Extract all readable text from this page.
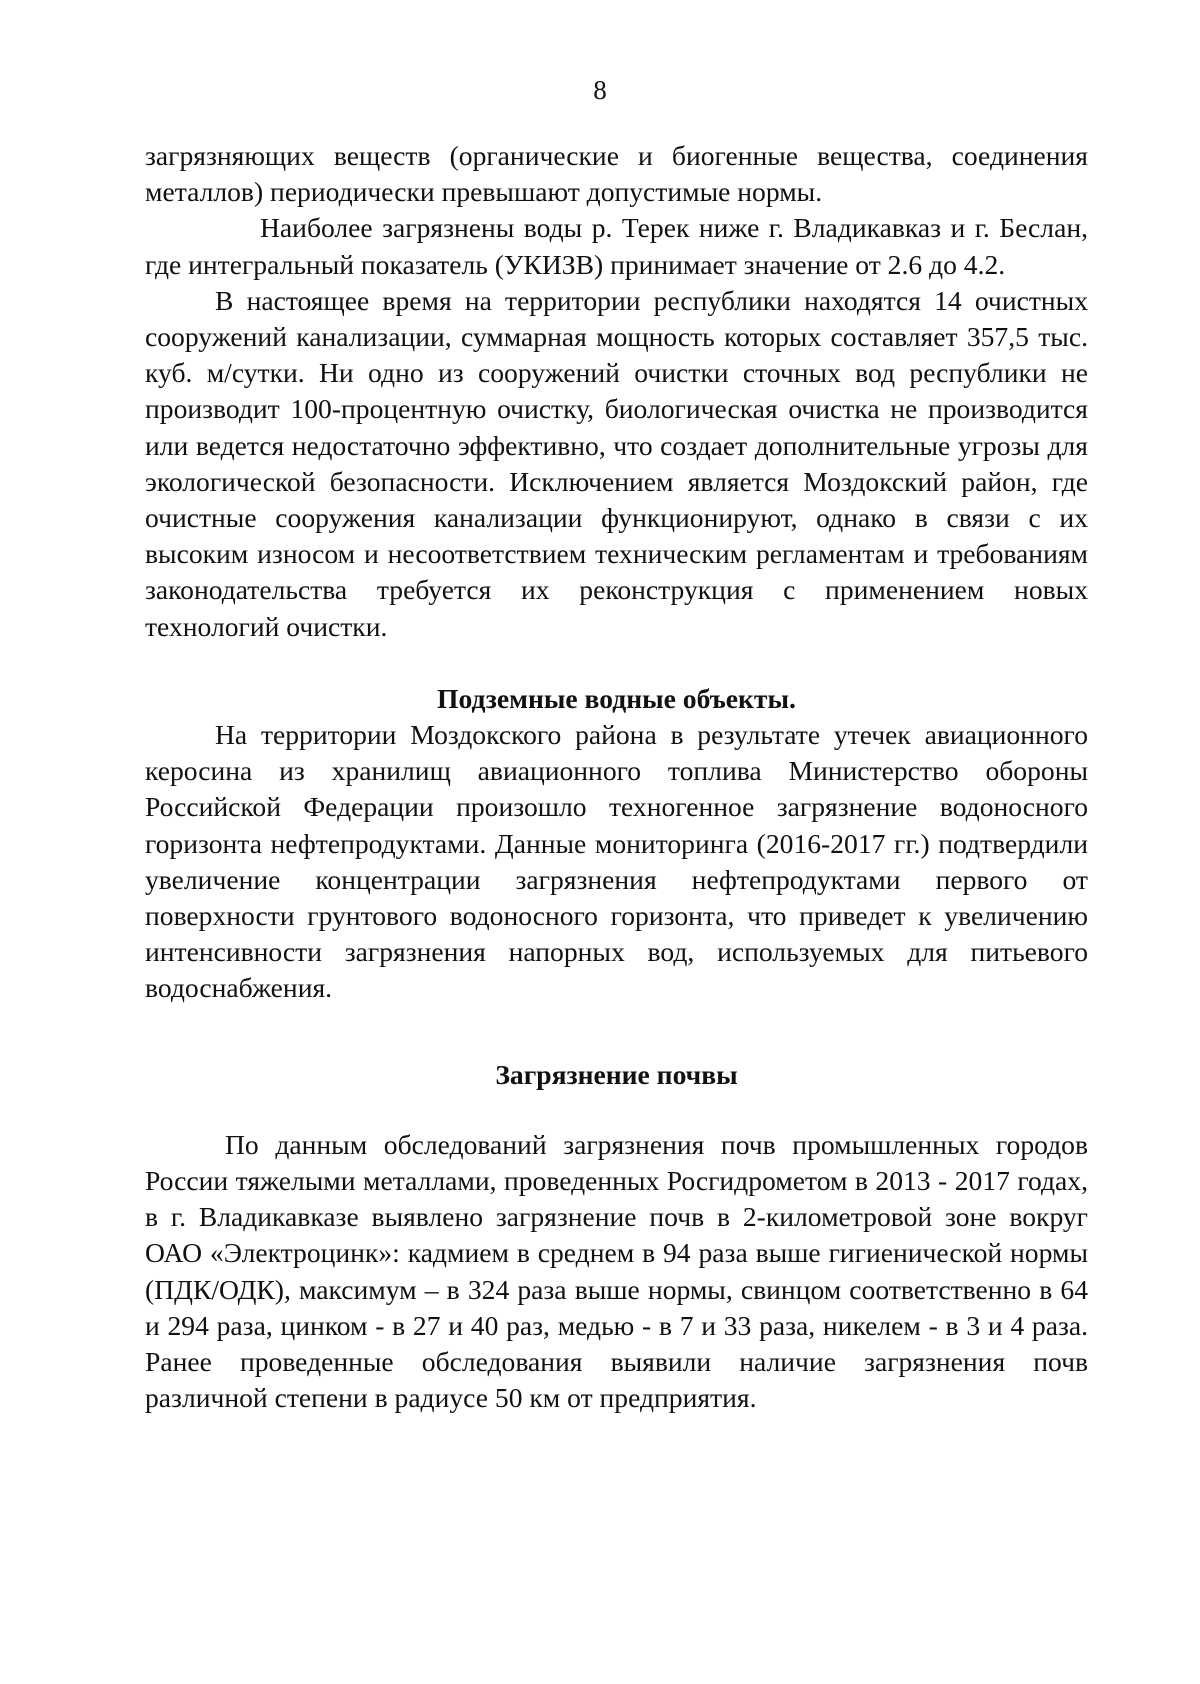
8

загрязняющих веществ (органические и биогенные вещества, соединения металлов) периодически превышают допустимые нормы.

Наиболее загрязнены воды р. Терек ниже г. Владикавказ и г. Беслан, где интегральный показатель (УКИЗВ) принимает значение от 2.6 до 4.2.

В настоящее время на территории республики находятся 14 очистных сооружений канализации, суммарная мощность которых составляет 357,5 тыс. куб. м/сутки. Ни одно из сооружений очистки сточных вод республики не производит 100-процентную очистку, биологическая очистка не производится или ведется недостаточно эффективно, что создает дополнительные угрозы для экологической безопасности. Исключением является Моздокский район, где очистные сооружения канализации функционируют, однако в связи с их высоким износом и несоответствием техническим регламентам и требованиям законодательства требуется их реконструкция с применением новых технологий очистки.

Подземные водные объекты.

На территории Моздокского района в результате утечек авиационного керосина из хранилищ авиационного топлива Министерство обороны Российской Федерации произошло техногенное загрязнение водоносного горизонта нефтепродуктами. Данные мониторинга (2016-2017 гг.) подтвердили увеличение концентрации загрязнения нефтепродуктами первого от поверхности грунтового водоносного горизонта, что приведет к увеличению интенсивности загрязнения напорных вод, используемых для питьевого водоснабжения.

Загрязнение почвы

По данным обследований загрязнения почв промышленных городов России тяжелыми металлами, проведенных Росгидрометом в 2013 - 2017 годах, в г. Владикавказе выявлено загрязнение почв в 2-километровой зоне вокруг ОАО «Электроцинк»: кадмием в среднем в 94 раза выше гигиенической нормы (ПДК/ОДК), максимум – в 324 раза выше нормы, свинцом соответственно в 64 и 294 раза, цинком - в 27 и 40 раз, медью - в 7 и 33 раза, никелем - в 3 и 4 раза. Ранее проведенные обследования выявили наличие загрязнения почв различной степени в радиусе 50 км от предприятия.
